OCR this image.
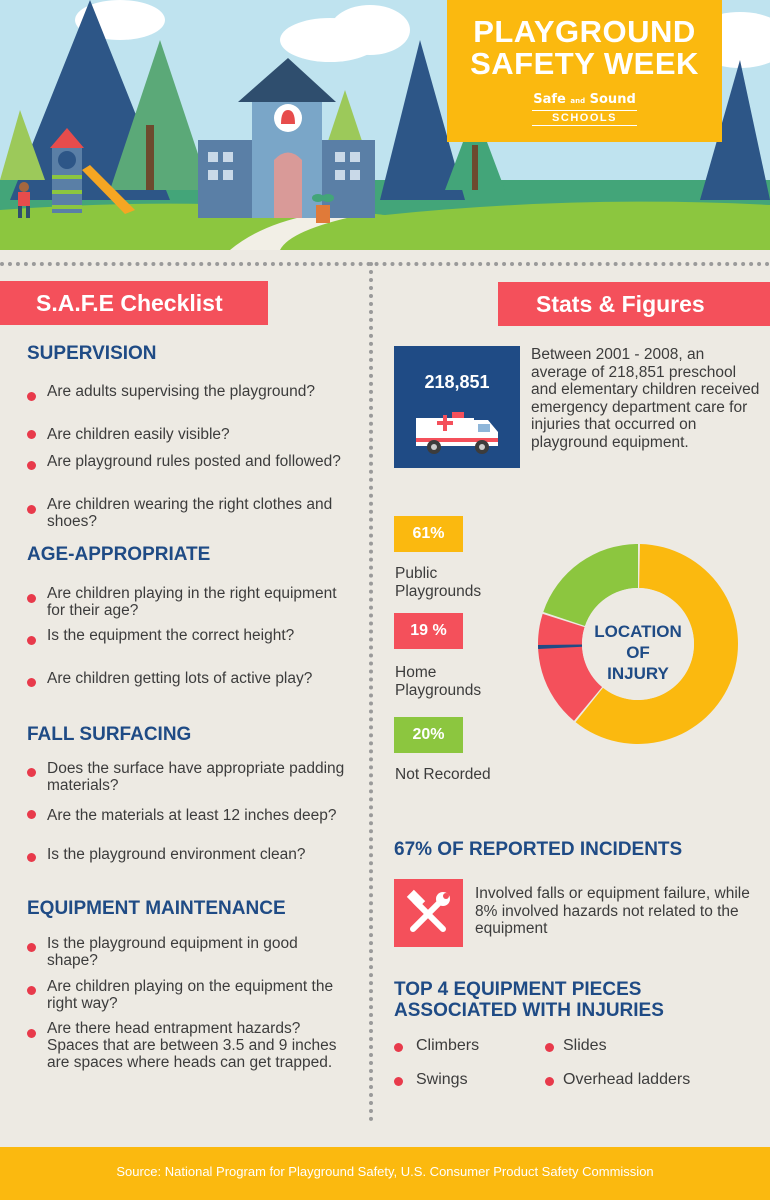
PLAYGROUND
SAFETY WEEK
Safe and Sound
SCHOOLS
S.A.F.E Checklist
SUPERVISION
Are adults supervising the playground?
Are children easily visible?
Are playground rules posted and followed?
Are children wearing the right clothes and shoes?
AGE-APPROPRIATE
Are children playing in the right equipment for their age?
Is the equipment the correct height?
Are children getting lots of active play?
FALL SURFACING
Does the surface have appropriate padding materials?
Are the materials at least 12 inches deep?
Is the playground environment clean?
EQUIPMENT MAINTENANCE
Is the playground equipment in good shape?
Are children playing on the equipment the right way?
Are there head entrapment hazards? Spaces that are between 3.5 and 9 inches are spaces where heads can get trapped.
Stats & Figures
218,851
Between 2001 - 2008, an average of 218,851 preschool and elementary children received emergency department care for injuries that occurred on playground equipment.
61%
Public Playgrounds
19 %
Home Playgrounds
20%
Not Recorded
LOCATION
OF
INJURY
67% OF REPORTED INCIDENTS
Involved falls or equipment failure, while 8% involved hazards not related to the equipment
TOP 4 EQUIPMENT PIECES ASSOCIATED WITH INJURIES
Climbers	Slides
Swings	Overhead ladders
Source: National Program for Playground Safety, U.S. Consumer Product Safety Commission
